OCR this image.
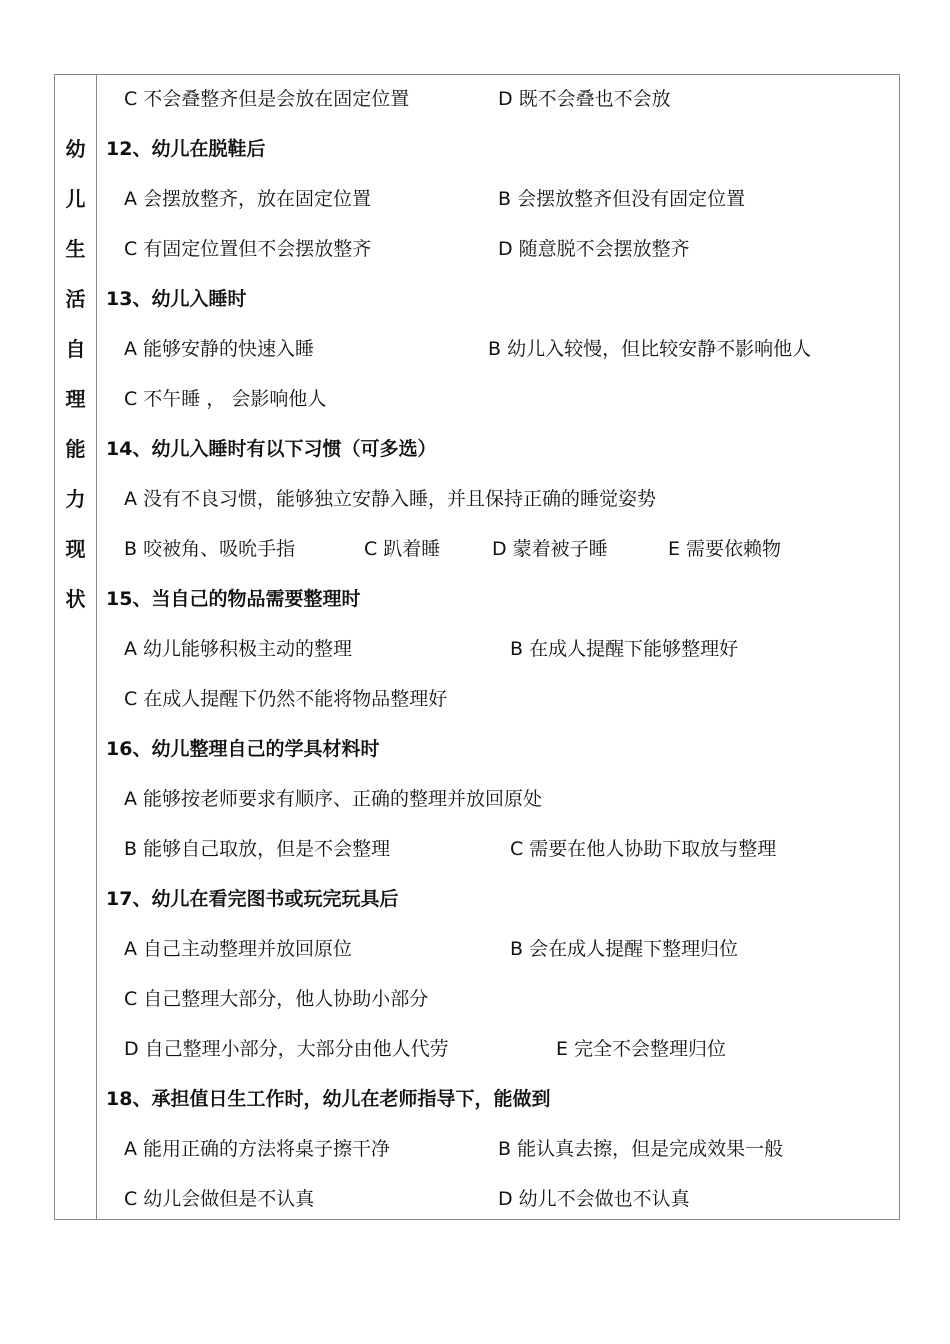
幼
儿
生
活
自
理
能
力
现
状
C 不会叠整齐但是会放在固定位置	D 既不会叠也不会放
12、幼儿在脱鞋后
A 会摆放整齐，放在固定位置	B 会摆放整齐但没有固定位置
C 有固定位置但不会摆放整齐	D 随意脱不会摆放整齐
13、幼儿入睡时
A 能够安静的快速入睡	B 幼儿入较慢，但比较安静不影响他人
C 不午睡 ， 会影响他人
14、幼儿入睡时有以下习惯（可多选）
A 没有不良习惯，能够独立安静入睡，并且保持正确的睡觉姿势
B 咬被角、吸吮手指	C 趴着睡	D 蒙着被子睡	E 需要依赖物
15、当自己的物品需要整理时
A 幼儿能够积极主动的整理	B 在成人提醒下能够整理好
C 在成人提醒下仍然不能将物品整理好
16、幼儿整理自己的学具材料时
A 能够按老师要求有顺序、正确的整理并放回原处
B 能够自己取放，但是不会整理	C 需要在他人协助下取放与整理
17、幼儿在看完图书或玩完玩具后
A 自己主动整理并放回原位	B 会在成人提醒下整理归位
C 自己整理大部分，他人协助小部分
D 自己整理小部分，大部分由他人代劳	E 完全不会整理归位
18、承担值日生工作时，幼儿在老师指导下，能做到
A 能用正确的方法将桌子擦干净	B 能认真去擦，但是完成效果一般
C 幼儿会做但是不认真	D 幼儿不会做也不认真
